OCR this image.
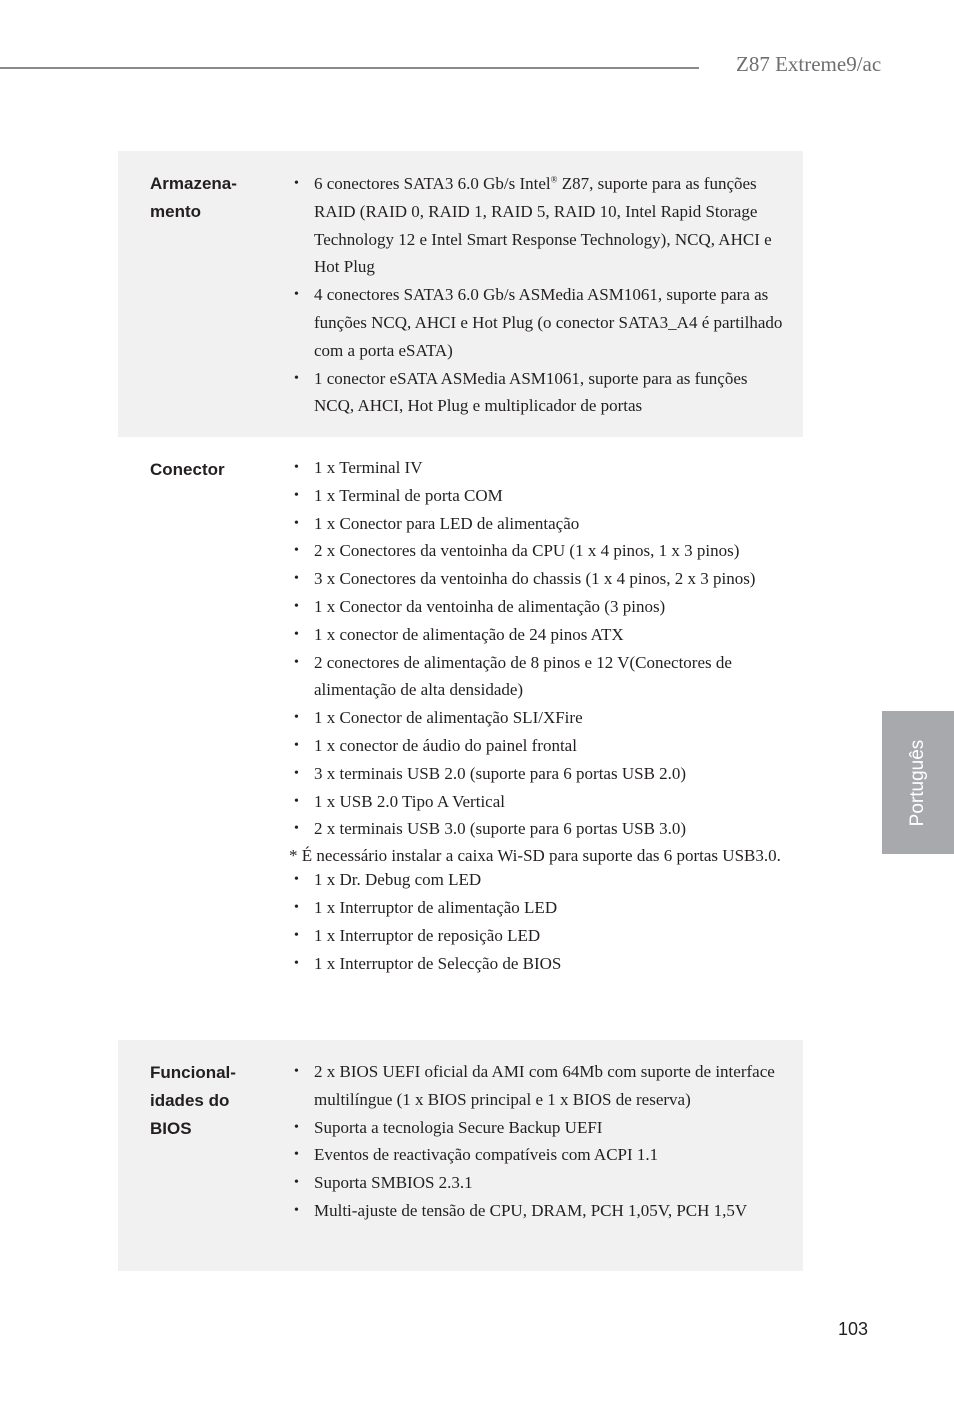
Z87 Extreme9/ac
Português
Armazena-
mento
• 6 conectores SATA3 6.0 Gb/s Intel® Z87, suporte para as funções RAID (RAID 0, RAID 1, RAID 5, RAID 10, Intel Rapid Storage Technology 12 e Intel Smart Response Technology), NCQ, AHCI e Hot Plug
• 4 conectores SATA3 6.0 Gb/s ASMedia ASM1061, suporte para as funções NCQ, AHCI e Hot Plug (o conector SATA3_A4 é partilhado com a porta eSATA)
• 1 conector eSATA ASMedia ASM1061, suporte para as funções NCQ, AHCI, Hot Plug e multiplicador de portas
Conector
•	1 x Terminal IV
• 1 x Terminal de porta COM
• 1 x Conector para LED de alimentação
• 2 x Conectores da ventoinha da CPU (1 x 4 pinos, 1 x 3 pinos)
• 3 x Conectores da ventoinha do chassis (1 x 4 pinos, 2 x 3 pinos)
• 1 x Conector da ventoinha de alimentação (3 pinos)
• 1 x conector de alimentação de 24 pinos ATX
• 2 conectores de alimentação de 8 pinos e 12 V(Conectores de alimentação de alta densidade)
• 1 x Conector de alimentação SLI/XFire
• 1 x conector de áudio do painel frontal
• 3 x terminais USB 2.0 (suporte para 6 portas USB 2.0)
• 1 x USB 2.0 Tipo A Vertical
• 2 x terminais USB 3.0 (suporte para 6 portas USB 3.0)
* É necessário instalar a caixa Wi-SD para suporte das 6 portas USB3.0.
• 1 x Dr. Debug com LED
• 1 x Interruptor de alimentação LED
• 1 x Interruptor de reposição LED
• 1 x Interruptor de Selecção de BIOS
Funcional-
idades do
BIOS
• 2 x BIOS UEFI oficial da AMI com 64Mb com suporte de interface multilíngue (1 x BIOS principal e 1 x BIOS de reserva)
• Suporta a tecnologia Secure Backup UEFI
• Eventos de reactivação compatíveis com ACPI 1.1
• Suporta SMBIOS 2.3.1
• Multi-ajuste de tensão de CPU, DRAM, PCH 1,05V, PCH 1,5V
103
